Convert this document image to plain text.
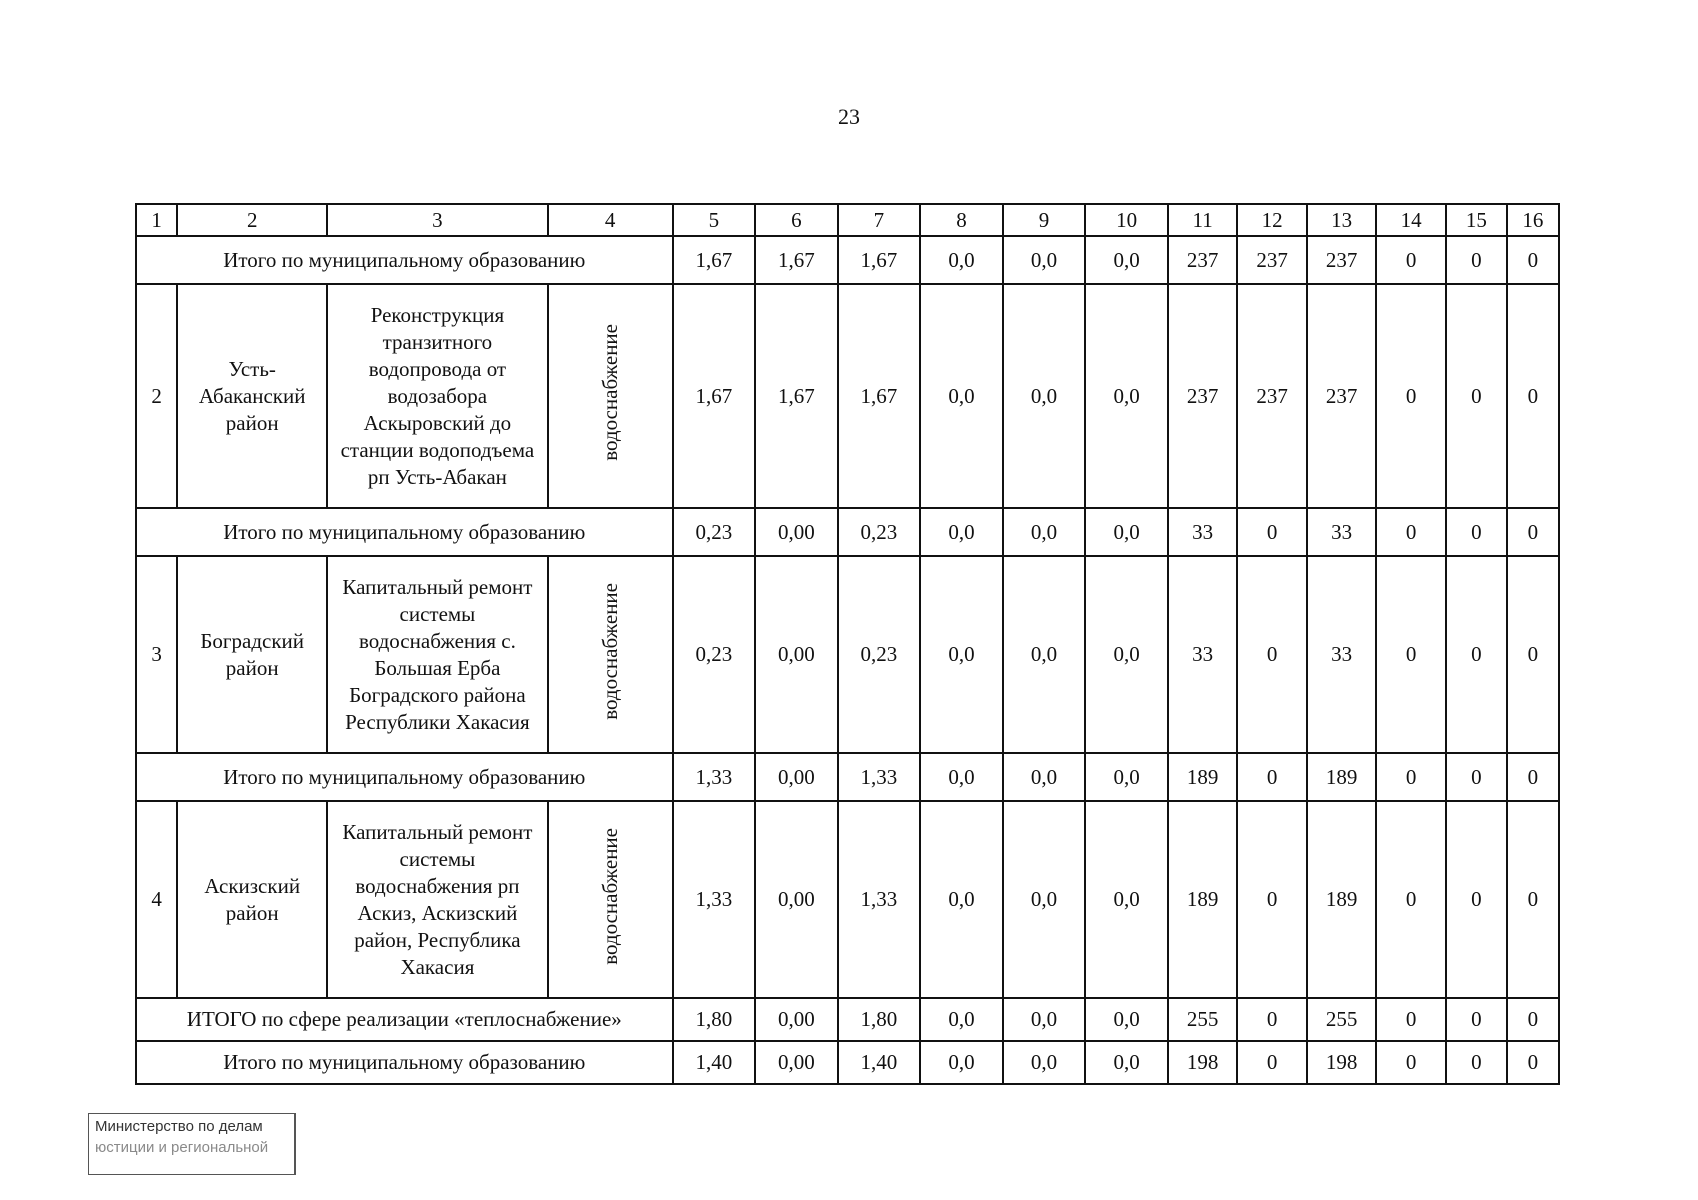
23
1	2	3	4	5	6	7	8	9	10	11	12	13	14	15	16
Итого по муниципальному образованию				1,67	1,67	1,67	0,0	0,0	0,0	237	237	237	0	0	0
2	Усть- Абаканский район	Реконструкция транзитного водопровода от водозабора Аскыровский до станции водоподъема рп Усть-Абакан	водоснабжение	1,67	1,67	1,67	0,0	0,0	0,0	237	237	237	0	0	0
Итого по муниципальному образованию				0,23	0,00	0,23	0,0	0,0	0,0	33	0	33	0	0	0
3	Боградский район	Капитальный ремонт системы водоснабжения с. Большая Ерба Боградского района Республики Хакасия	водоснабжение	0,23	0,00	0,23	0,0	0,0	0,0	33	0	33	0	0	0
Итого по муниципальному образованию				1,33	0,00	1,33	0,0	0,0	0,0	189	0	189	0	0	0
4	Аскизский район	Капитальный ремонт системы водоснабжения рп Аскиз, Аскизский район, Республика Хакасия	водоснабжение	1,33	0,00	1,33	0,0	0,0	0,0	189	0	189	0	0	0
ИТОГО по сфере реализации «теплоснабжение»				1,80	0,00	1,80	0,0	0,0	0,0	255	0	255	0	0	0
Итого по муниципальному образованию				1,40	0,00	1,40	0,0	0,0	0,0	198	0	198	0	0	0
Министерство по делам
юстиции и региональной
